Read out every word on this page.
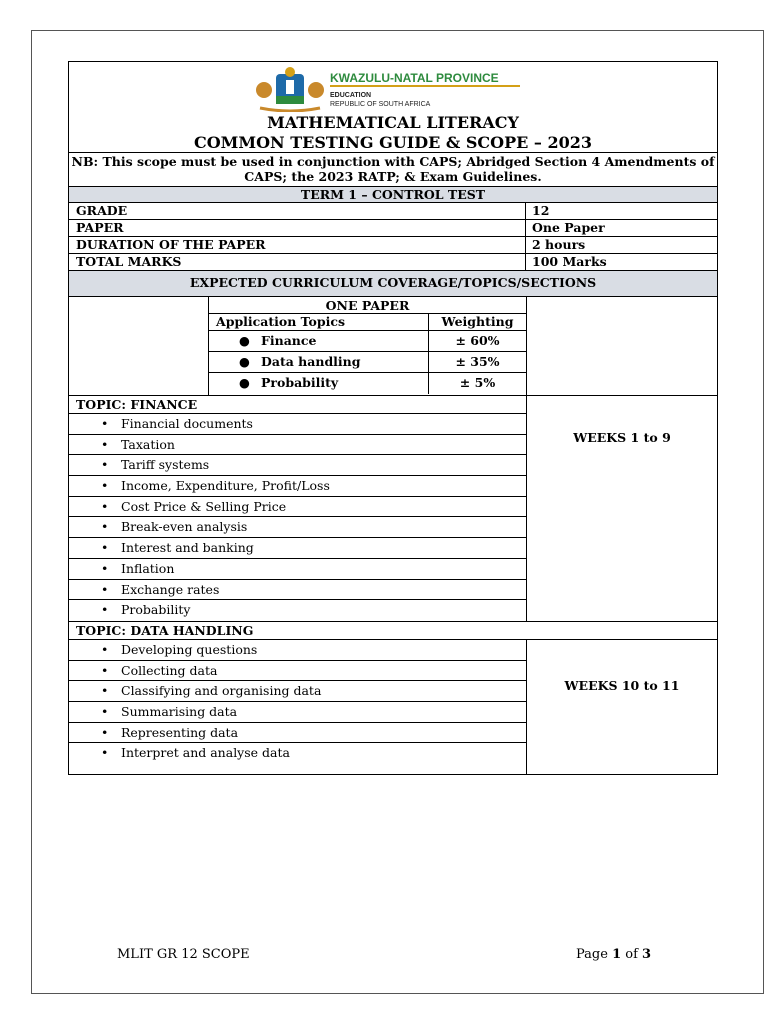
KWAZULU-NATAL PROVINCE
EDUCATION
REPUBLIC OF SOUTH AFRICA
MATHEMATICAL LITERACY
COMMON TESTING GUIDE & SCOPE – 2023
NB: This scope must be used in conjunction with CAPS; Abridged Section 4 Amendments of CAPS; the 2023 RATP; & Exam Guidelines.
TERM 1 – CONTROL TEST
GRADE	12
PAPER	One Paper
DURATION OF THE PAPER	2 hours
TOTAL MARKS	100 Marks
EXPECTED CURRICULUM COVERAGE/TOPICS/SECTIONS
ONE PAPER
Application Topics	Weighting
● Finance	± 60%
● Data handling	± 35%
● Probability	± 5%
TOPIC: FINANCE
• Financial documents
• Taxation
• Tariff systems
• Income, Expenditure, Profit/Loss
• Cost Price & Selling Price
• Break-even analysis
• Interest and banking
• Inflation
• Exchange rates
• Probability
WEEKS 1 to 9
TOPIC: DATA HANDLING
• Developing questions
• Collecting data
• Classifying and organising data
• Summarising data
• Representing data
• Interpret and analyse data
WEEKS 10 to 11
MLIT GR 12 SCOPE	Page 1 of 3
